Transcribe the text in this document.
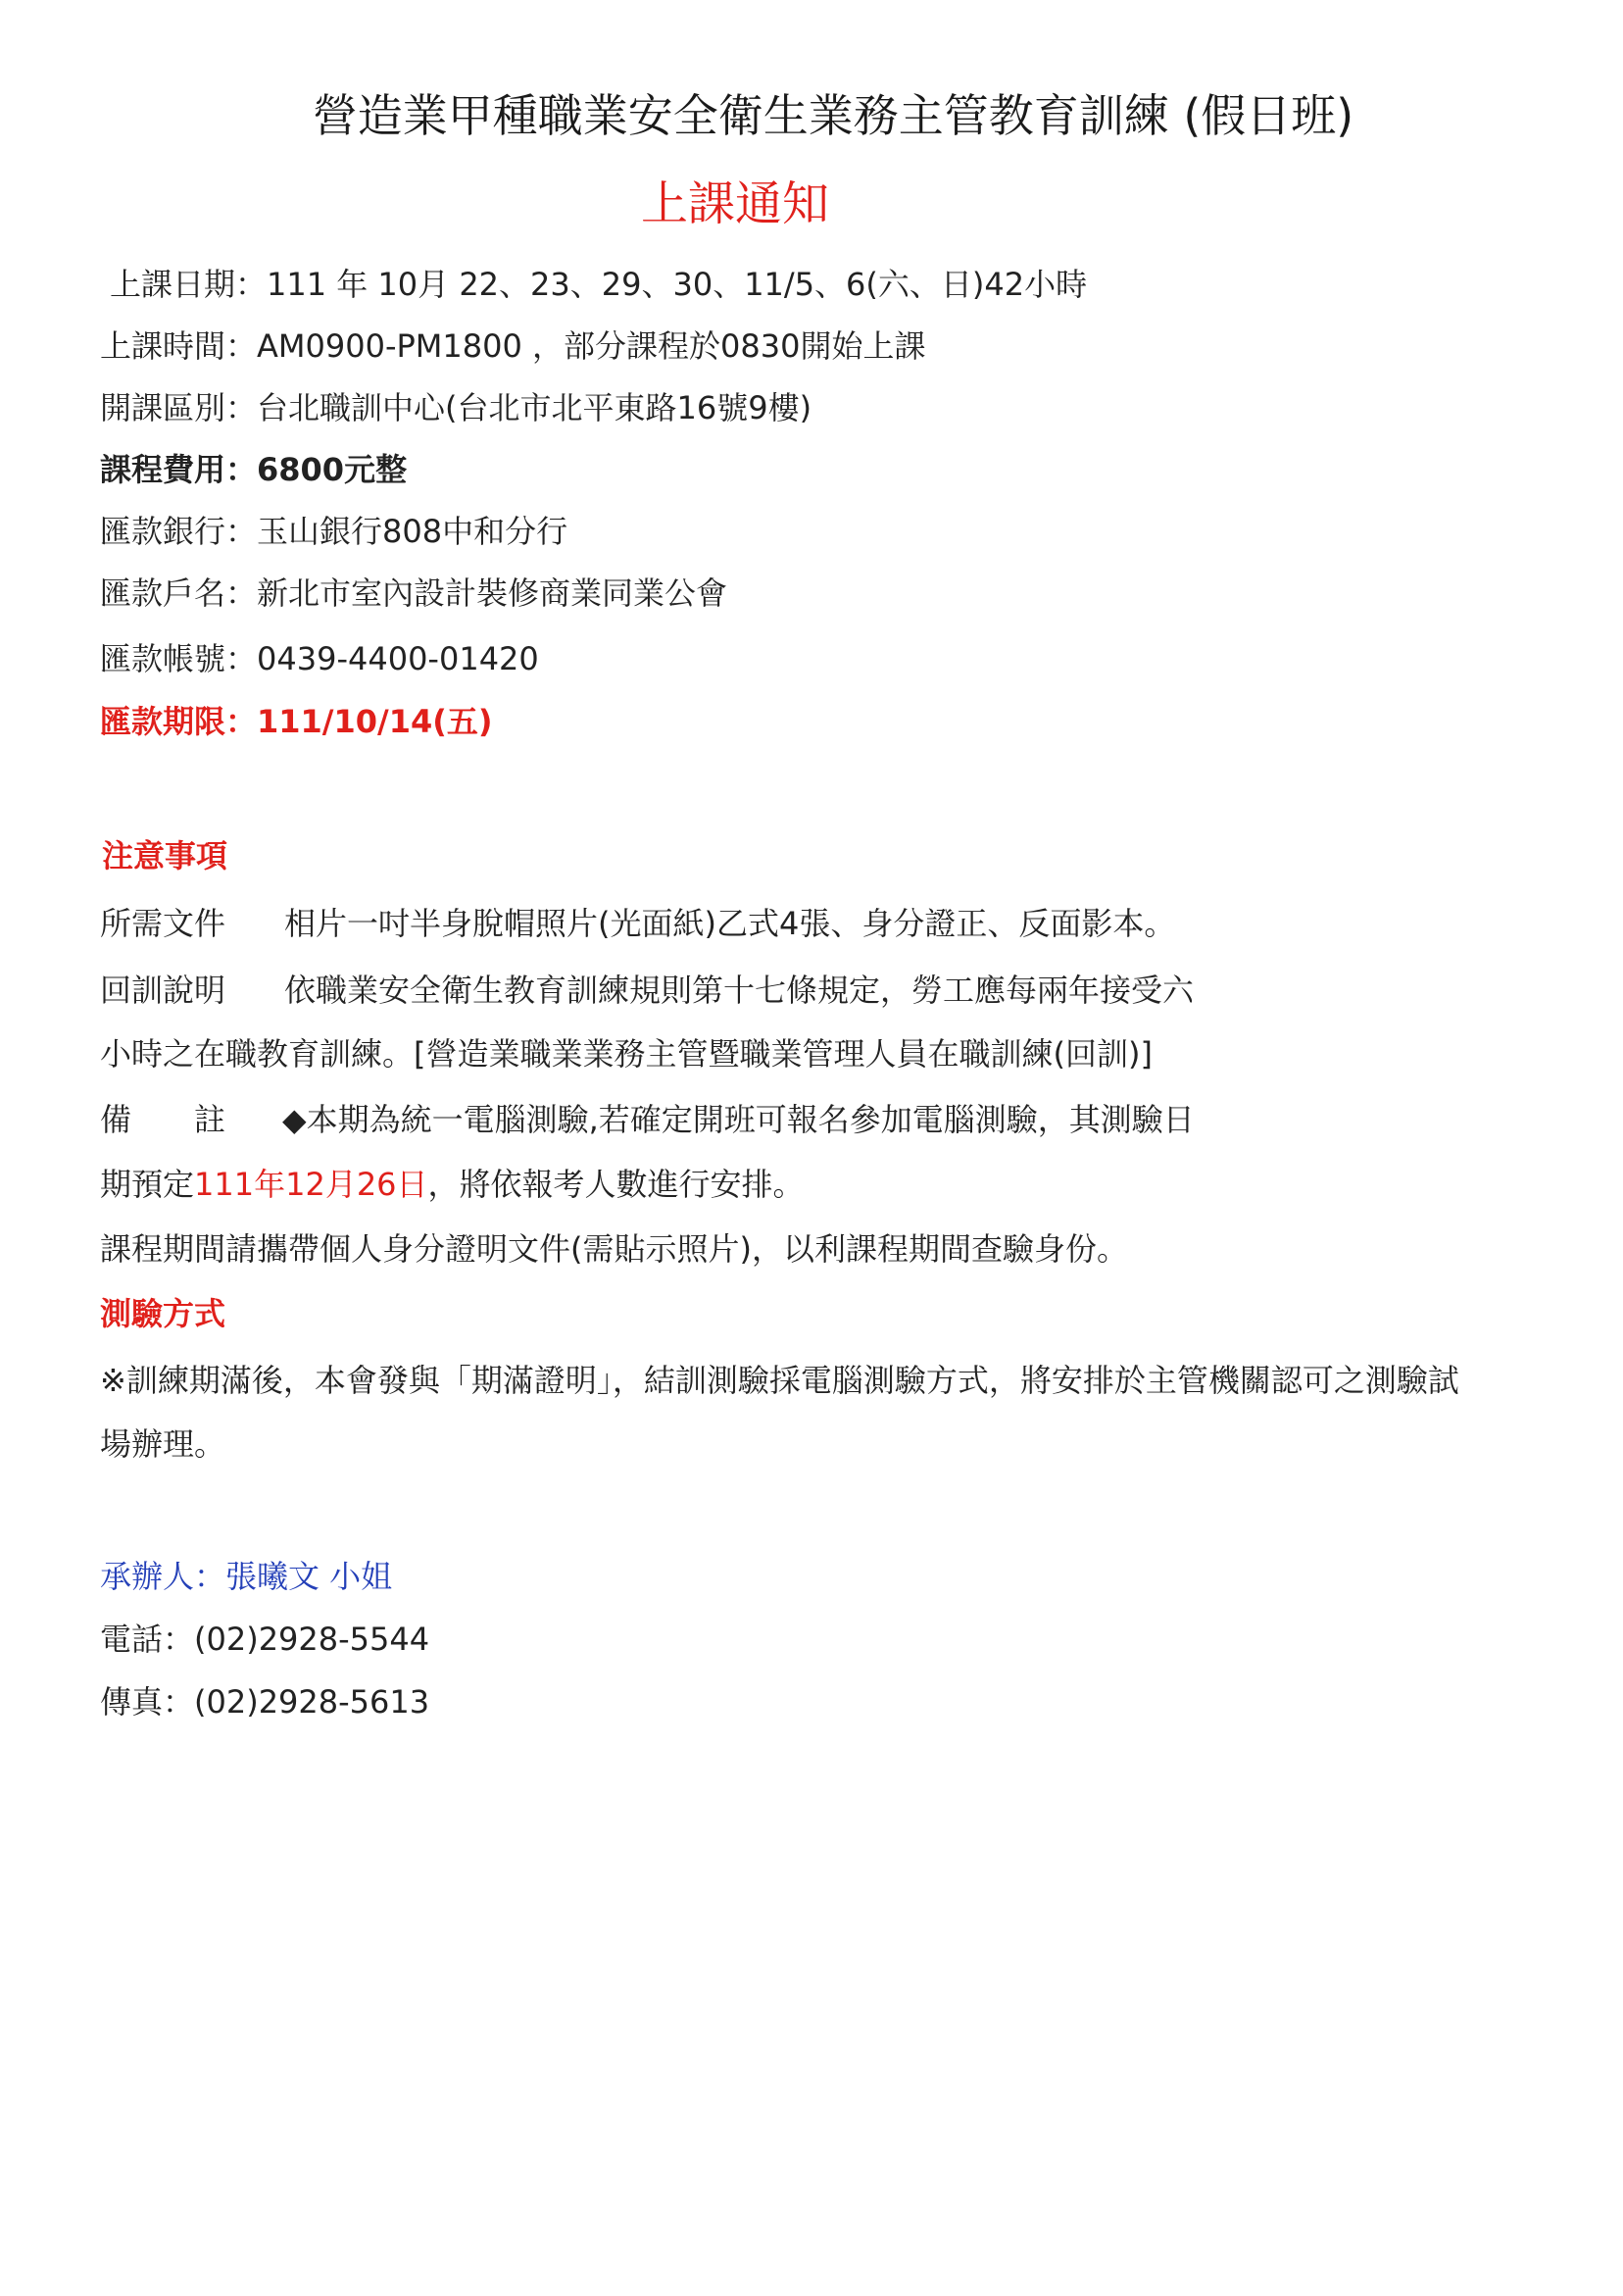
營造業甲種職業安全衛生業務主管教育訓練 (假日班)
上課通知
上課日期：111 年 10月 22、23、29、30、11/5、6(六、日)42小時
上課時間：AM0900-PM1800 ，部分課程於0830開始上課
開課區別：台北職訓中心(台北市北平東路16號9樓)
課程費用：6800元整
匯款銀行：玉山銀行808中和分行
匯款戶名：新北市室內設計裝修商業同業公會
匯款帳號：0439-4400-01420
匯款期限：111/10/14(五)
注意事項
所需文件 相片一吋半身脫帽照片(光面紙)乙式4張、身分證正、反面影本。
回訓說明 依職業安全衛生教育訓練規則第十七條規定，勞工應每兩年接受六
小時之在職教育訓練。[營造業職業業務主管暨職業管理人員在職訓練(回訓)]
備　　註 ◆本期為統一電腦測驗,若確定開班可報名參加電腦測驗，其測驗日
期預定111年12月26日，將依報考人數進行安排。
課程期間請攜帶個人身分證明文件(需貼示照片)，以利課程期間查驗身份。
測驗方式
※訓練期滿後，本會發與「期滿證明」，結訓測驗採電腦測驗方式，將安排於主管機關認可之測驗試
場辦理。
承辦人：張曦文 小姐
電話：(02)2928-5544
傳真：(02)2928-5613
